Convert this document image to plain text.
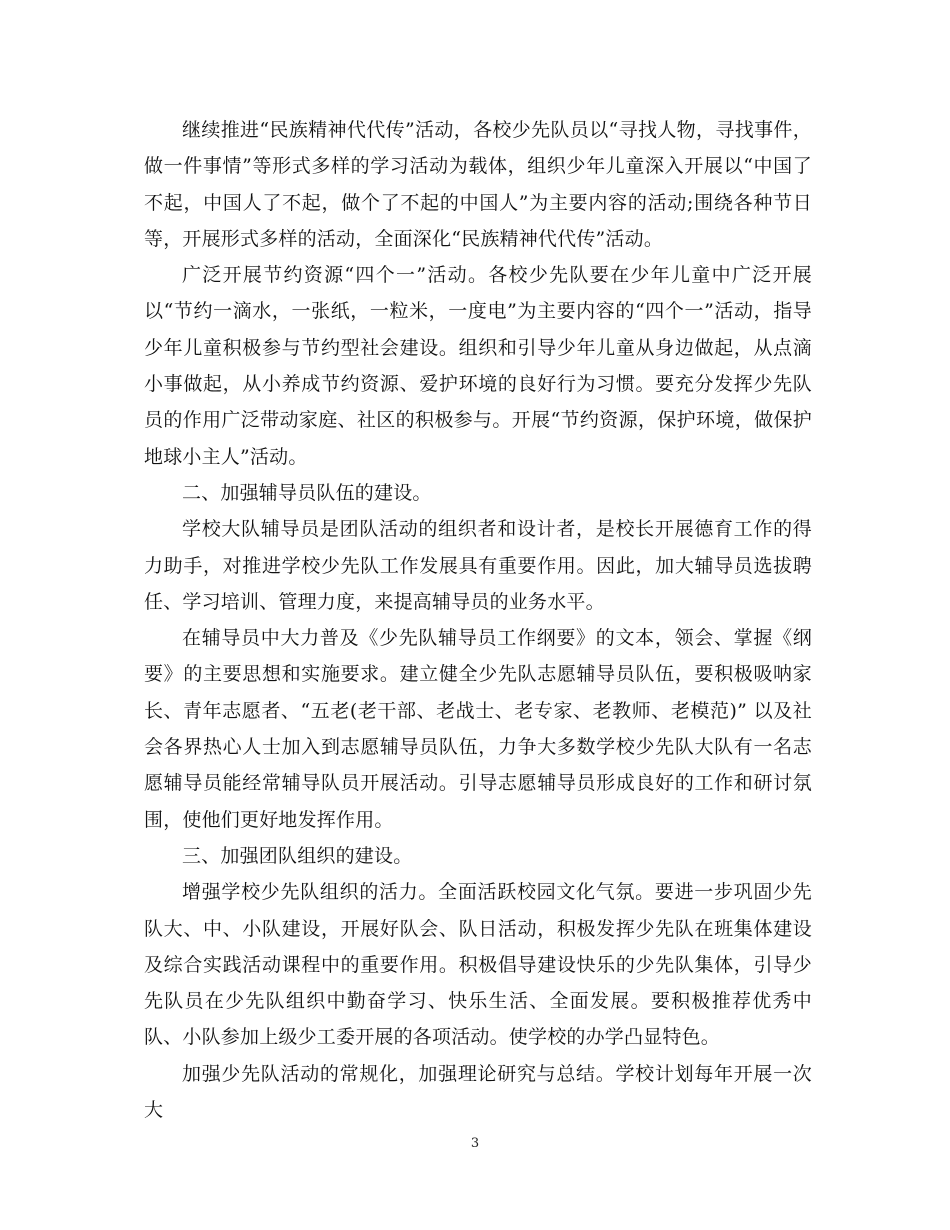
继续推进“民族精神代代传”活动，各校少先队员以“寻找人物，寻找事件，做一件事情”等形式多样的学习活动为载体，组织少年儿童深入开展以“中国了不起，中国人了不起，做个了不起的中国人”为主要内容的活动;围绕各种节日等，开展形式多样的活动，全面深化“民族精神代代传”活动。

广泛开展节约资源“四个一”活动。各校少先队要在少年儿童中广泛开展以“节约一滴水，一张纸，一粒米，一度电”为主要内容的“四个一”活动，指导少年儿童积极参与节约型社会建设。组织和引导少年儿童从身边做起，从点滴小事做起，从小养成节约资源、爱护环境的良好行为习惯。要充分发挥少先队员的作用广泛带动家庭、社区的积极参与。开展“节约资源，保护环境，做保护地球小主人”活动。

二、加强辅导员队伍的建设。

学校大队辅导员是团队活动的组织者和设计者，是校长开展德育工作的得力助手，对推进学校少先队工作发展具有重要作用。因此，加大辅导员选拔聘任、学习培训、管理力度，来提高辅导员的业务水平。

在辅导员中大力普及《少先队辅导员工作纲要》的文本，领会、掌握《纲要》的主要思想和实施要求。建立健全少先队志愿辅导员队伍，要积极吸呐家长、青年志愿者、“五老(老干部、老战士、老专家、老教师、老模范)” 以及社会各界热心人士加入到志愿辅导员队伍，力争大多数学校少先队大队有一名志愿辅导员能经常辅导队员开展活动。引导志愿辅导员形成良好的工作和研讨氛围，使他们更好地发挥作用。

三、加强团队组织的建设。

增强学校少先队组织的活力。全面活跃校园文化气氛。要进一步巩固少先队大、中、小队建设，开展好队会、队日活动，积极发挥少先队在班集体建设及综合实践活动课程中的重要作用。积极倡导建设快乐的少先队集体，引导少先队员在少先队组织中勤奋学习、快乐生活、全面发展。要积极推荐优秀中队、小队参加上级少工委开展的各项活动。使学校的办学凸显特色。

加强少先队活动的常规化，加强理论研究与总结。学校计划每年开展一次大

3
